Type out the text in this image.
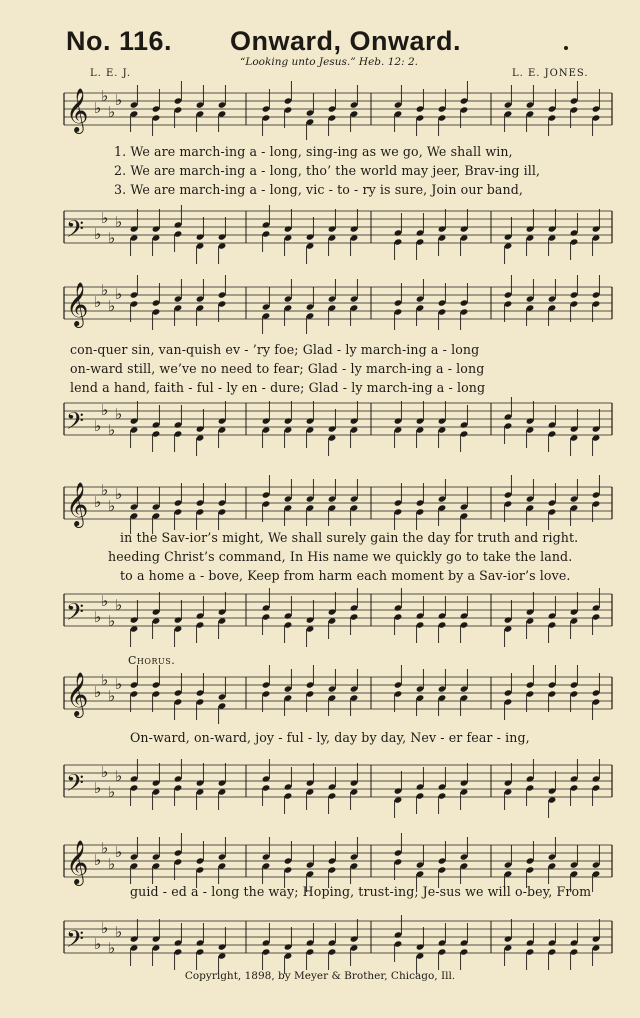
No. 116. Onward, Onward.
“Looking unto Jesus.” Heb. 12: 2.
L. E. J.	L. E. JONES.
𝄞 ♭
♭
♭
♭
1. We are march-ing a - long, sing-ing as we go, We shall win,
2. We are march-ing a - long, tho’ the world may jeer, Brav-ing ill,
3. We are march-ing a - long, vic - to - ry is sure, Join our band,
𝄢 ♭
♭
♭
♭
𝄞 ♭
♭
♭
♭
con-quer sin, van-quish ev - ’ry foe; Glad - ly march-ing a - long
on-ward still, we’ve no need to fear; Glad - ly march-ing a - long
lend a hand, faith - ful - ly en - dure; Glad - ly march-ing a - long
𝄢 ♭
♭
♭
♭
𝄞 ♭
♭
♭
♭
in the Sav-ior’s might, We shall surely gain the day for truth and right.
heeding Christ’s command, In His name we quickly go to take the land.
to a home a - bove, Keep from harm each moment by a Sav-ior’s love.
𝄢 ♭
♭
♭
♭
Chorus.
𝄞 ♭
♭
♭
♭
On-ward, on-ward, joy - ful - ly, day by day, Nev - er fear - ing,
𝄢 ♭
♭
♭
♭
𝄞 ♭
♭
♭
♭
guid - ed a - long the way; Hoping, trust-ing, Je-sus we will o-bey, From
𝄢 ♭
♭
♭
♭
Copyright, 1898, by Meyer & Brother, Chicago, Ill.
